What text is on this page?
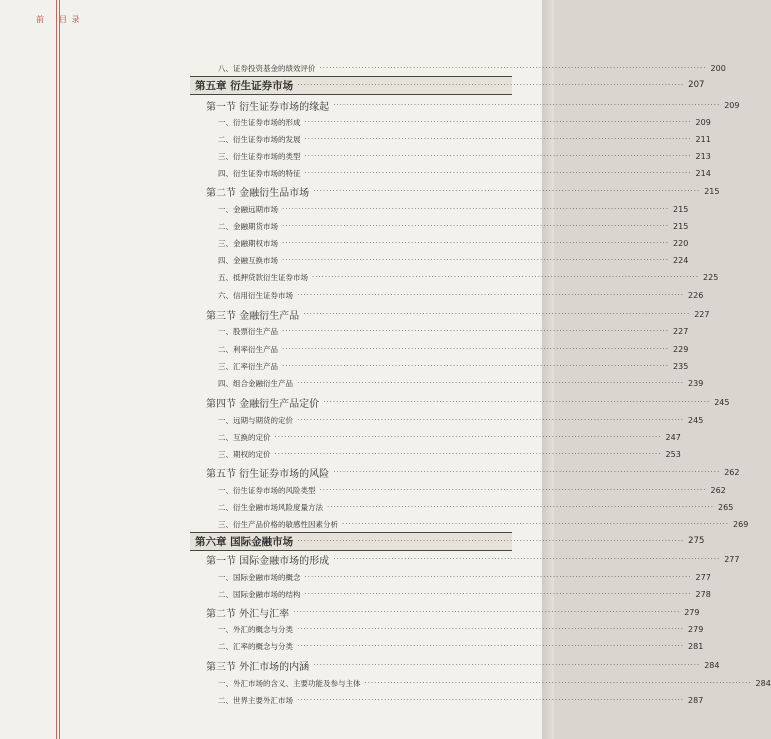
前 目 录
八、证券投资基金的绩效评价 ························································································································ 200
第五章 衍生证券市场 ························································································································ 207
第一节 衍生证券市场的缘起 ························································································································ 209
一、衍生证券市场的形成 ························································································································ 209
二、衍生证券市场的发展 ························································································································ 211
三、衍生证券市场的类型 ························································································································ 213
四、衍生证券市场的特征 ························································································································ 214
第二节 金融衍生品市场 ························································································································ 215
一、金融远期市场 ························································································································ 215
二、金融期货市场 ························································································································ 215
三、金融期权市场 ························································································································ 220
四、金融互换市场 ························································································································ 224
五、抵押贷款衍生证券市场 ························································································································ 225
六、信用衍生证券市场 ························································································································ 226
第三节 金融衍生产品 ························································································································ 227
一、股票衍生产品 ························································································································ 227
二、利率衍生产品 ························································································································ 229
三、汇率衍生产品 ························································································································ 235
四、组合金融衍生产品 ························································································································ 239
第四节 金融衍生产品定价 ························································································································ 245
一、远期与期货的定价 ························································································································ 245
二、互换的定价 ························································································································ 247
三、期权的定价 ························································································································ 253
第五节 衍生证券市场的风险 ························································································································ 262
一、衍生证券市场的风险类型 ························································································································ 262
二、衍生金融市场风险度量方法 ························································································································ 265
三、衍生产品价格的敏感性因素分析 ························································································································ 269
第六章 国际金融市场 ························································································································ 275
第一节 国际金融市场的形成 ························································································································ 277
一、国际金融市场的概念 ························································································································ 277
二、国际金融市场的结构 ························································································································ 278
第二节 外汇与汇率 ························································································································ 279
一、外汇的概念与分类 ························································································································ 279
二、汇率的概念与分类 ························································································································ 281
第三节 外汇市场的内涵 ························································································································ 284
一、外汇市场的含义、主要功能及参与主体 ························································································································ 284
二、世界主要外汇市场 ························································································································ 287
